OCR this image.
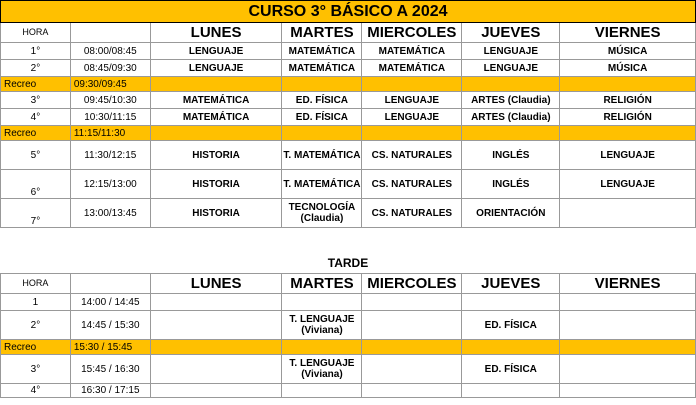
CURSO 3° BÁSICO A 2024						
HORA		LUNES	MARTES	MIERCOLES	JUEVES	VIERNES
1°	08:00/08:45	LENGUAJE	MATEMÁTICA	MATEMÁTICA	LENGUAJE	MÚSICA
2°	08:45/09:30	LENGUAJE	MATEMÁTICA	MATEMÁTICA	LENGUAJE	MÚSICA
Recreo	09:30/09:45					
3°	09:45/10:30	MATEMÁTICA	ED. FÍSICA	LENGUAJE	ARTES (Claudia)	RELIGIÓN
4°	10:30/11:15	MATEMÁTICA	ED. FÍSICA	LENGUAJE	ARTES (Claudia)	RELIGIÓN
Recreo	11:15/11:30					
5°	11:30/12:15	HISTORIA	T. MATEMÁTICA	CS. NATURALES	INGLÉS	LENGUAJE
6°	12:15/13:00	HISTORIA	T. MATEMÁTICA	CS. NATURALES	INGLÉS	LENGUAJE
7°	13:00/13:45	HISTORIA	TECNOLOGÍA (Claudia)	CS. NATURALES	ORIENTACIÓN	
TARDE
HORA		LUNES	MARTES	MIERCOLES	JUEVES	VIERNES
1	14:00 / 14:45					
2°	14:45 / 15:30		T. LENGUAJE (Viviana)		ED. FÍSICA	
Recreo	15:30 / 15:45					
3°	15:45 / 16:30		T. LENGUAJE (Viviana)		ED. FÍSICA	
4°	16:30 / 17:15					
